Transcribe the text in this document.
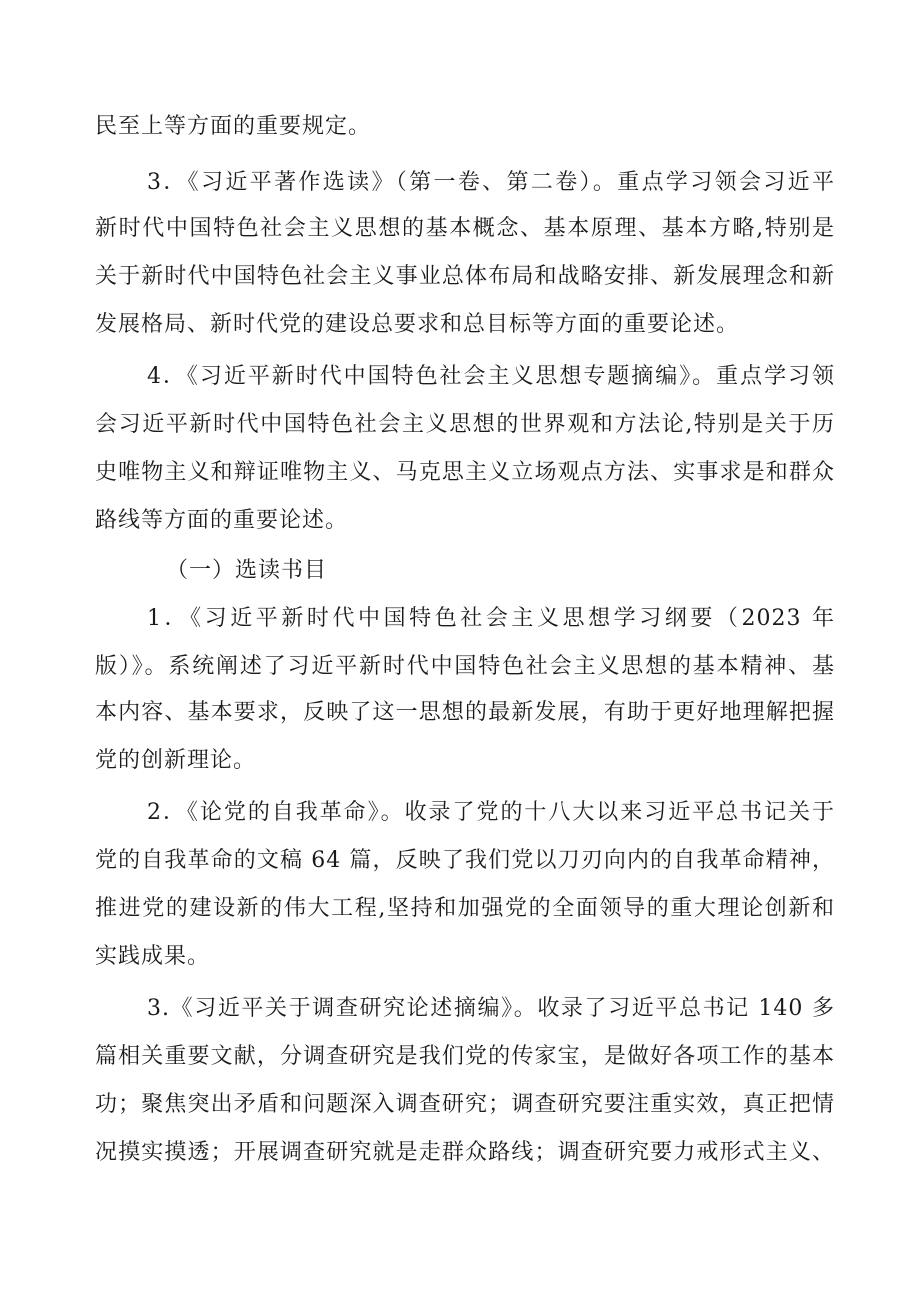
民至上等方面的重要规定。
3．《习近平著作选读》（第一卷、第二卷）。重点学习领会习近平
新时代中国特色社会主义思想的基本概念、基本原理、基本方略,特别是
关于新时代中国特色社会主义事业总体布局和战略安排、新发展理念和新
发展格局、新时代党的建设总要求和总目标等方面的重要论述。
4．《习近平新时代中国特色社会主义思想专题摘编》。重点学习领
会习近平新时代中国特色社会主义思想的世界观和方法论,特别是关于历
史唯物主义和辩证唯物主义、马克思主义立场观点方法、实事求是和群众
路线等方面的重要论述。
（一）选读书目
1．《习近平新时代中国特色社会主义思想学习纲要（2023 年
版）》。系统阐述了习近平新时代中国特色社会主义思想的基本精神、基
本内容、基本要求，反映了这一思想的最新发展，有助于更好地理解把握
党的创新理论。
2．《论党的自我革命》。收录了党的十八大以来习近平总书记关于
党的自我革命的文稿 64 篇，反映了我们党以刀刃向内的自我革命精神，
推进党的建设新的伟大工程,坚持和加强党的全面领导的重大理论创新和
实践成果。
3.《习近平关于调查研究论述摘编》。收录了习近平总书记 140 多
篇相关重要文献，分调查研究是我们党的传家宝，是做好各项工作的基本
功；聚焦突出矛盾和问题深入调查研究；调查研究要注重实效，真正把情
况摸实摸透；开展调查研究就是走群众路线；调查研究要力戒形式主义、
